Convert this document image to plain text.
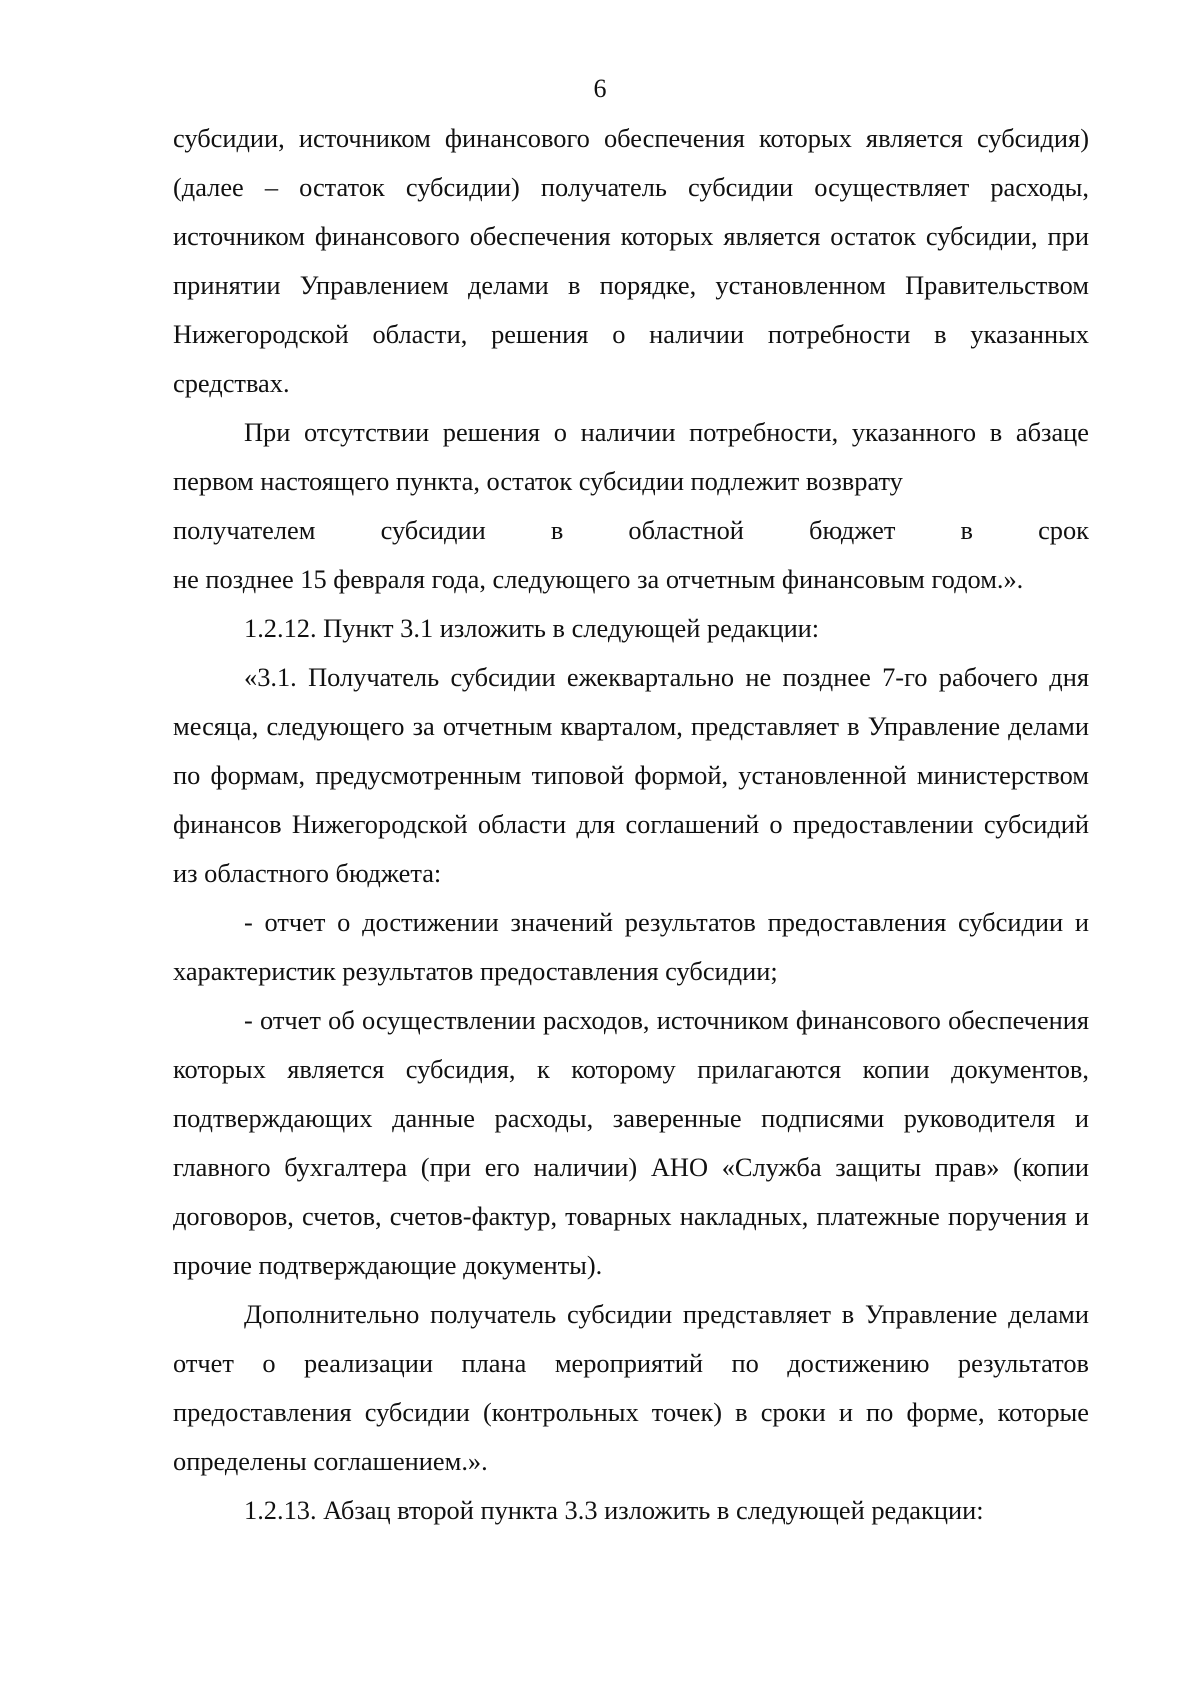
6

субсидии, источником финансового обеспечения которых является субсидия) (далее – остаток субсидии) получатель субсидии осуществляет расходы, источником финансового обеспечения которых является остаток субсидии, при принятии Управлением делами в порядке, установленном Правительством Нижегородской области, решения о наличии потребности в указанных средствах.

При отсутствии решения о наличии потребности, указанного в абзаце первом настоящего пункта, остаток субсидии подлежит возврату

получателем субсидии в областной бюджет в срок

не позднее 15 февраля года, следующего за отчетным финансовым годом.».

1.2.12. Пункт 3.1 изложить в следующей редакции:

«3.1. Получатель субсидии ежеквартально не позднее 7-го рабочего дня месяца, следующего за отчетным кварталом, представляет в Управление делами по формам, предусмотренным типовой формой, установленной министерством финансов Нижегородской области для соглашений о предоставлении субсидий из областного бюджета:

- отчет о достижении значений результатов предоставления субсидии и характеристик результатов предоставления субсидии;

- отчет об осуществлении расходов, источником финансового обеспечения которых является субсидия, к которому прилагаются копии документов, подтверждающих данные расходы, заверенные подписями руководителя и главного бухгалтера (при его наличии) АНО «Служба защиты прав» (копии договоров, счетов, счетов-фактур, товарных накладных, платежные поручения и прочие подтверждающие документы).

Дополнительно получатель субсидии представляет в Управление делами отчет о реализации плана мероприятий по достижению результатов предоставления субсидии (контрольных точек) в сроки и по форме, которые определены соглашением.».

1.2.13. Абзац второй пункта 3.3 изложить в следующей редакции:
